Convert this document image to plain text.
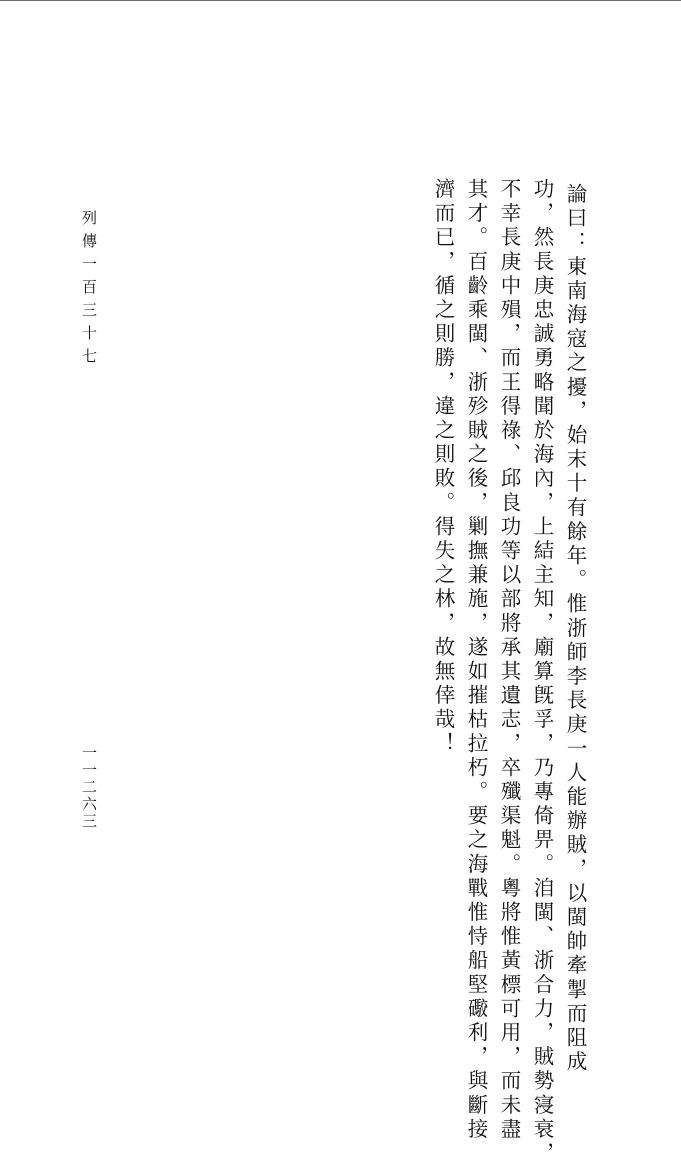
論曰：東南海寇之擾，始末十有餘年。惟浙師李長庚一人能辦賊，以閩帥牽掣而阻成
功，然長庚忠誠勇略聞於海內，上結主知，廟算旣孚，乃專倚畀。洎閩、浙合力，賊勢寖衰，
不幸長庚中殞，而王得祿、邱良功等以部將承其遺志，卒殲渠魁。粵將惟黃標可用，而未盡
其才。百齡乘閩、浙殄賊之後，剿撫兼施，遂如摧枯拉朽。要之海戰惟恃船堅礮利，與斷接
濟而已，循之則勝，違之則敗。得失之林，故無倖哉！
列傳一百三十七
一一二六三
